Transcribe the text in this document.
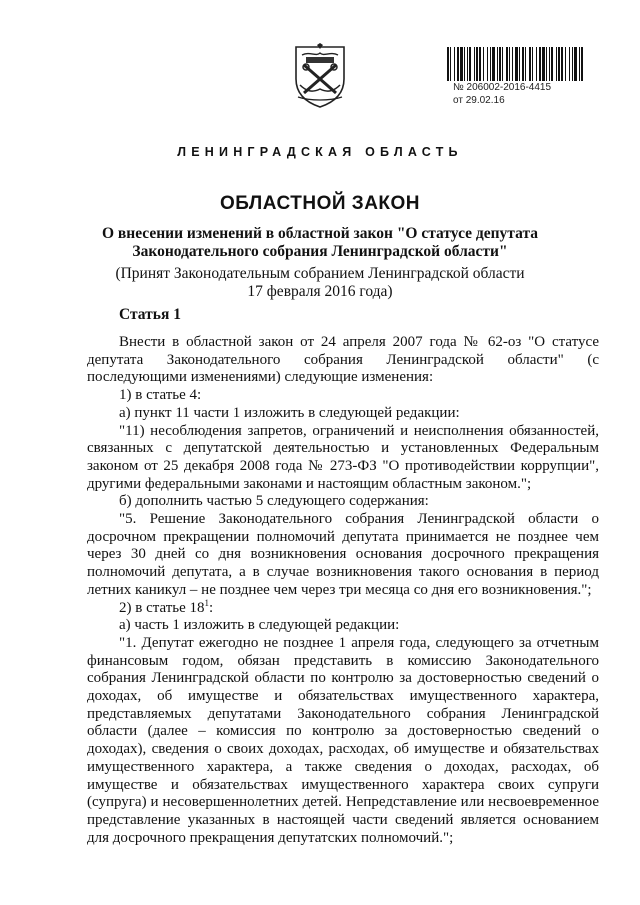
№ 206002-2016-4415
от 29.02.16
ЛЕНИНГРАДСКАЯ ОБЛАСТЬ
ОБЛАСТНОЙ ЗАКОН
О внесении изменений в областной закон "О статусе депутата
Законодательного собрания Ленинградской области"
(Принят Законодательным собранием Ленинградской области
17 февраля 2016 года)
Статья 1

Внести в областной закон от 24 апреля 2007 года № 62-оз "О статусе депутата Законодательного собрания Ленинградской области" (с последующими изменениями) следующие изменения:

1) в статье 4:

а) пункт 11 части 1 изложить в следующей редакции:

"11) несоблюдения запретов, ограничений и неисполнения обязанностей, связанных с депутатской деятельностью и установленных Федеральным законом от 25 декабря 2008 года № 273-ФЗ "О противодействии коррупции", другими федеральными законами и настоящим областным законом.";

б) дополнить частью 5 следующего содержания:

"5. Решение Законодательного собрания Ленинградской области о досрочном прекращении полномочий депутата принимается не позднее чем через 30 дней со дня возникновения основания досрочного прекращения полномочий депутата, а в случае возникновения такого основания в период летних каникул – не позднее чем через три месяца со дня его возникновения.";

2) в статье $18^1$:

а) часть 1 изложить в следующей редакции:

"1. Депутат ежегодно не позднее 1 апреля года, следующего за отчетным финансовым годом, обязан представить в комиссию Законодательного собрания Ленинградской области по контролю за достоверностью сведений о доходах, об имуществе и обязательствах имущественного характера, представляемых депутатами Законодательного собрания Ленинградской области (далее – комиссия по контролю за достоверностью сведений о доходах), сведения о своих доходах, расходах, об имуществе и обязательствах имущественного характера, а также сведения о доходах, расходах, об имуществе и обязательствах имущественного характера своих супруги (супруга) и несовершеннолетних детей. Непредставление или несвоевременное представление указанных в настоящей части сведений является основанием для досрочного прекращения депутатских полномочий.";
